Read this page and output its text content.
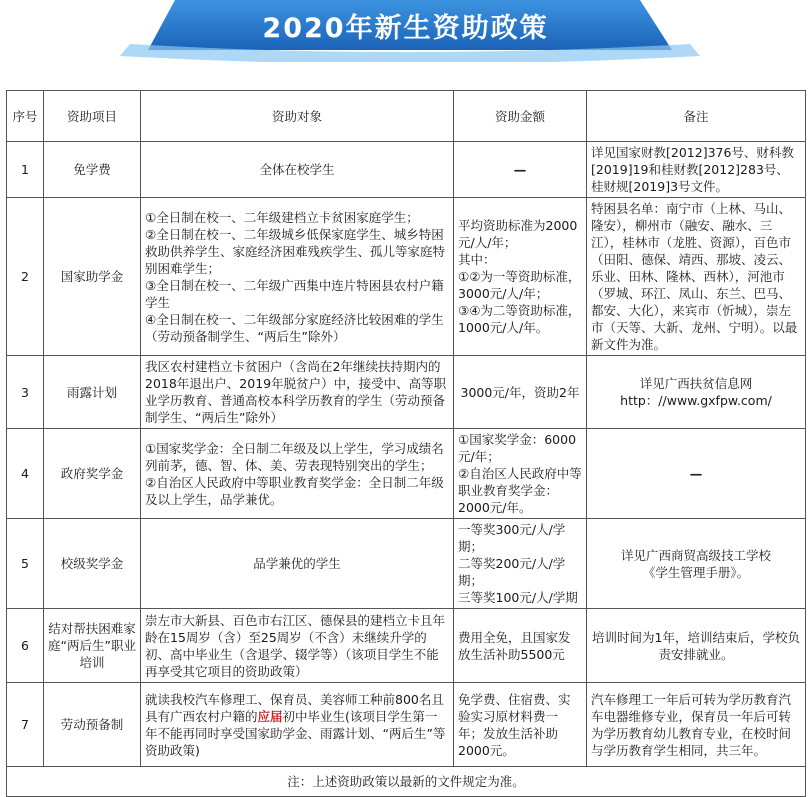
2020年新生资助政策
序号	资助项目	资助对象	资助金额	备注
1	免学费	全体在校学生	—	详见国家财教[2012]376号、财科教[2019]19和桂财教[2012]283号、桂财规[2019]3号文件。

2	国家助学金	①全日制在校一、二年级建档立卡贫困家庭学生；
②全日制在校一、二年级城乡低保家庭学生、城乡特困救助供养学生、家庭经济困难残疾学生、孤儿等家庭特别困难学生；
③全日制在校一、二年级广西集中连片特困县农村户籍学生
④全日制在校一、二年级部分家庭经济比较困难的学生（劳动预备制学生、“两后生”除外）	平均资助标准为2000元/人/年；
其中：
①②为一等资助标准，3000元/人/年；
③④为二等资助标准，1000元/人/年。	特困县名单：南宁市（上林、马山、隆安），柳州市（融安、融水、三江），桂林市（龙胜、资源），百色市（田阳、德保、靖西、那坡、凌云、乐业、田林、隆林、西林），河池市（罗城、环江、凤山、东兰、巴马、都安、大化），来宾市（忻城），崇左市（天等、大新、龙州、宁明）。以最新文件为准。

3	雨露计划	我区农村建档立卡贫困户（含尚在2年继续扶持期内的2018年退出户、2019年脱贫户）中，接受中、高等职业学历教育、普通高校本科学历教育的学生（劳动预备制学生、“两后生”除外）	3000元/年，资助2年	详见广西扶贫信息网
http：//www.gxfpw.com/

4	政府奖学金	①国家奖学金：全日制二年级及以上学生，学习成绩名列前茅，德、智、体、美、劳表现特别突出的学生；
②自治区人民政府中等职业教育奖学金：全日制二年级及以上学生，品学兼优。	①国家奖学金：6000元/年；
②自治区人民政府中等职业教育奖学金：2000元/年。	—

5	校级奖学金	品学兼优的学生	一等奖300元/人/学期；
二等奖200元/人/学期；
三等奖100元/人/学期	详见广西商贸高级技工学校
《学生管理手册》。

6	结对帮扶困难家庭“两后生”职业培训	崇左市大新县、百色市右江区、德保县的建档立卡且年龄在15周岁（含）至25周岁（不含）未继续升学的初、高中毕业生（含退学、辍学等）（该项目学生不能再享受其它项目的资助政策）	费用全免，且国家发放生活补助5500元	培训时间为1年，培训结束后，学校负责安排就业。

7	劳动预备制	就读我校汽车修理工、保育员、美容师工种前800名且具有广西农村户籍的应届初中毕业生(该项目学生第一年不能再同时享受国家助学金、雨露计划、“两后生”等资助政策)	免学费、住宿费、实验实习原材料费一年；发放生活补助2000元。	汽车修理工一年后可转为学历教育汽车电器维修专业，保育员一年后可转为学历教育幼儿教育专业，在校时间与学历教育学生相同，共三年。

注：上述资助政策以最新的文件规定为准。				
